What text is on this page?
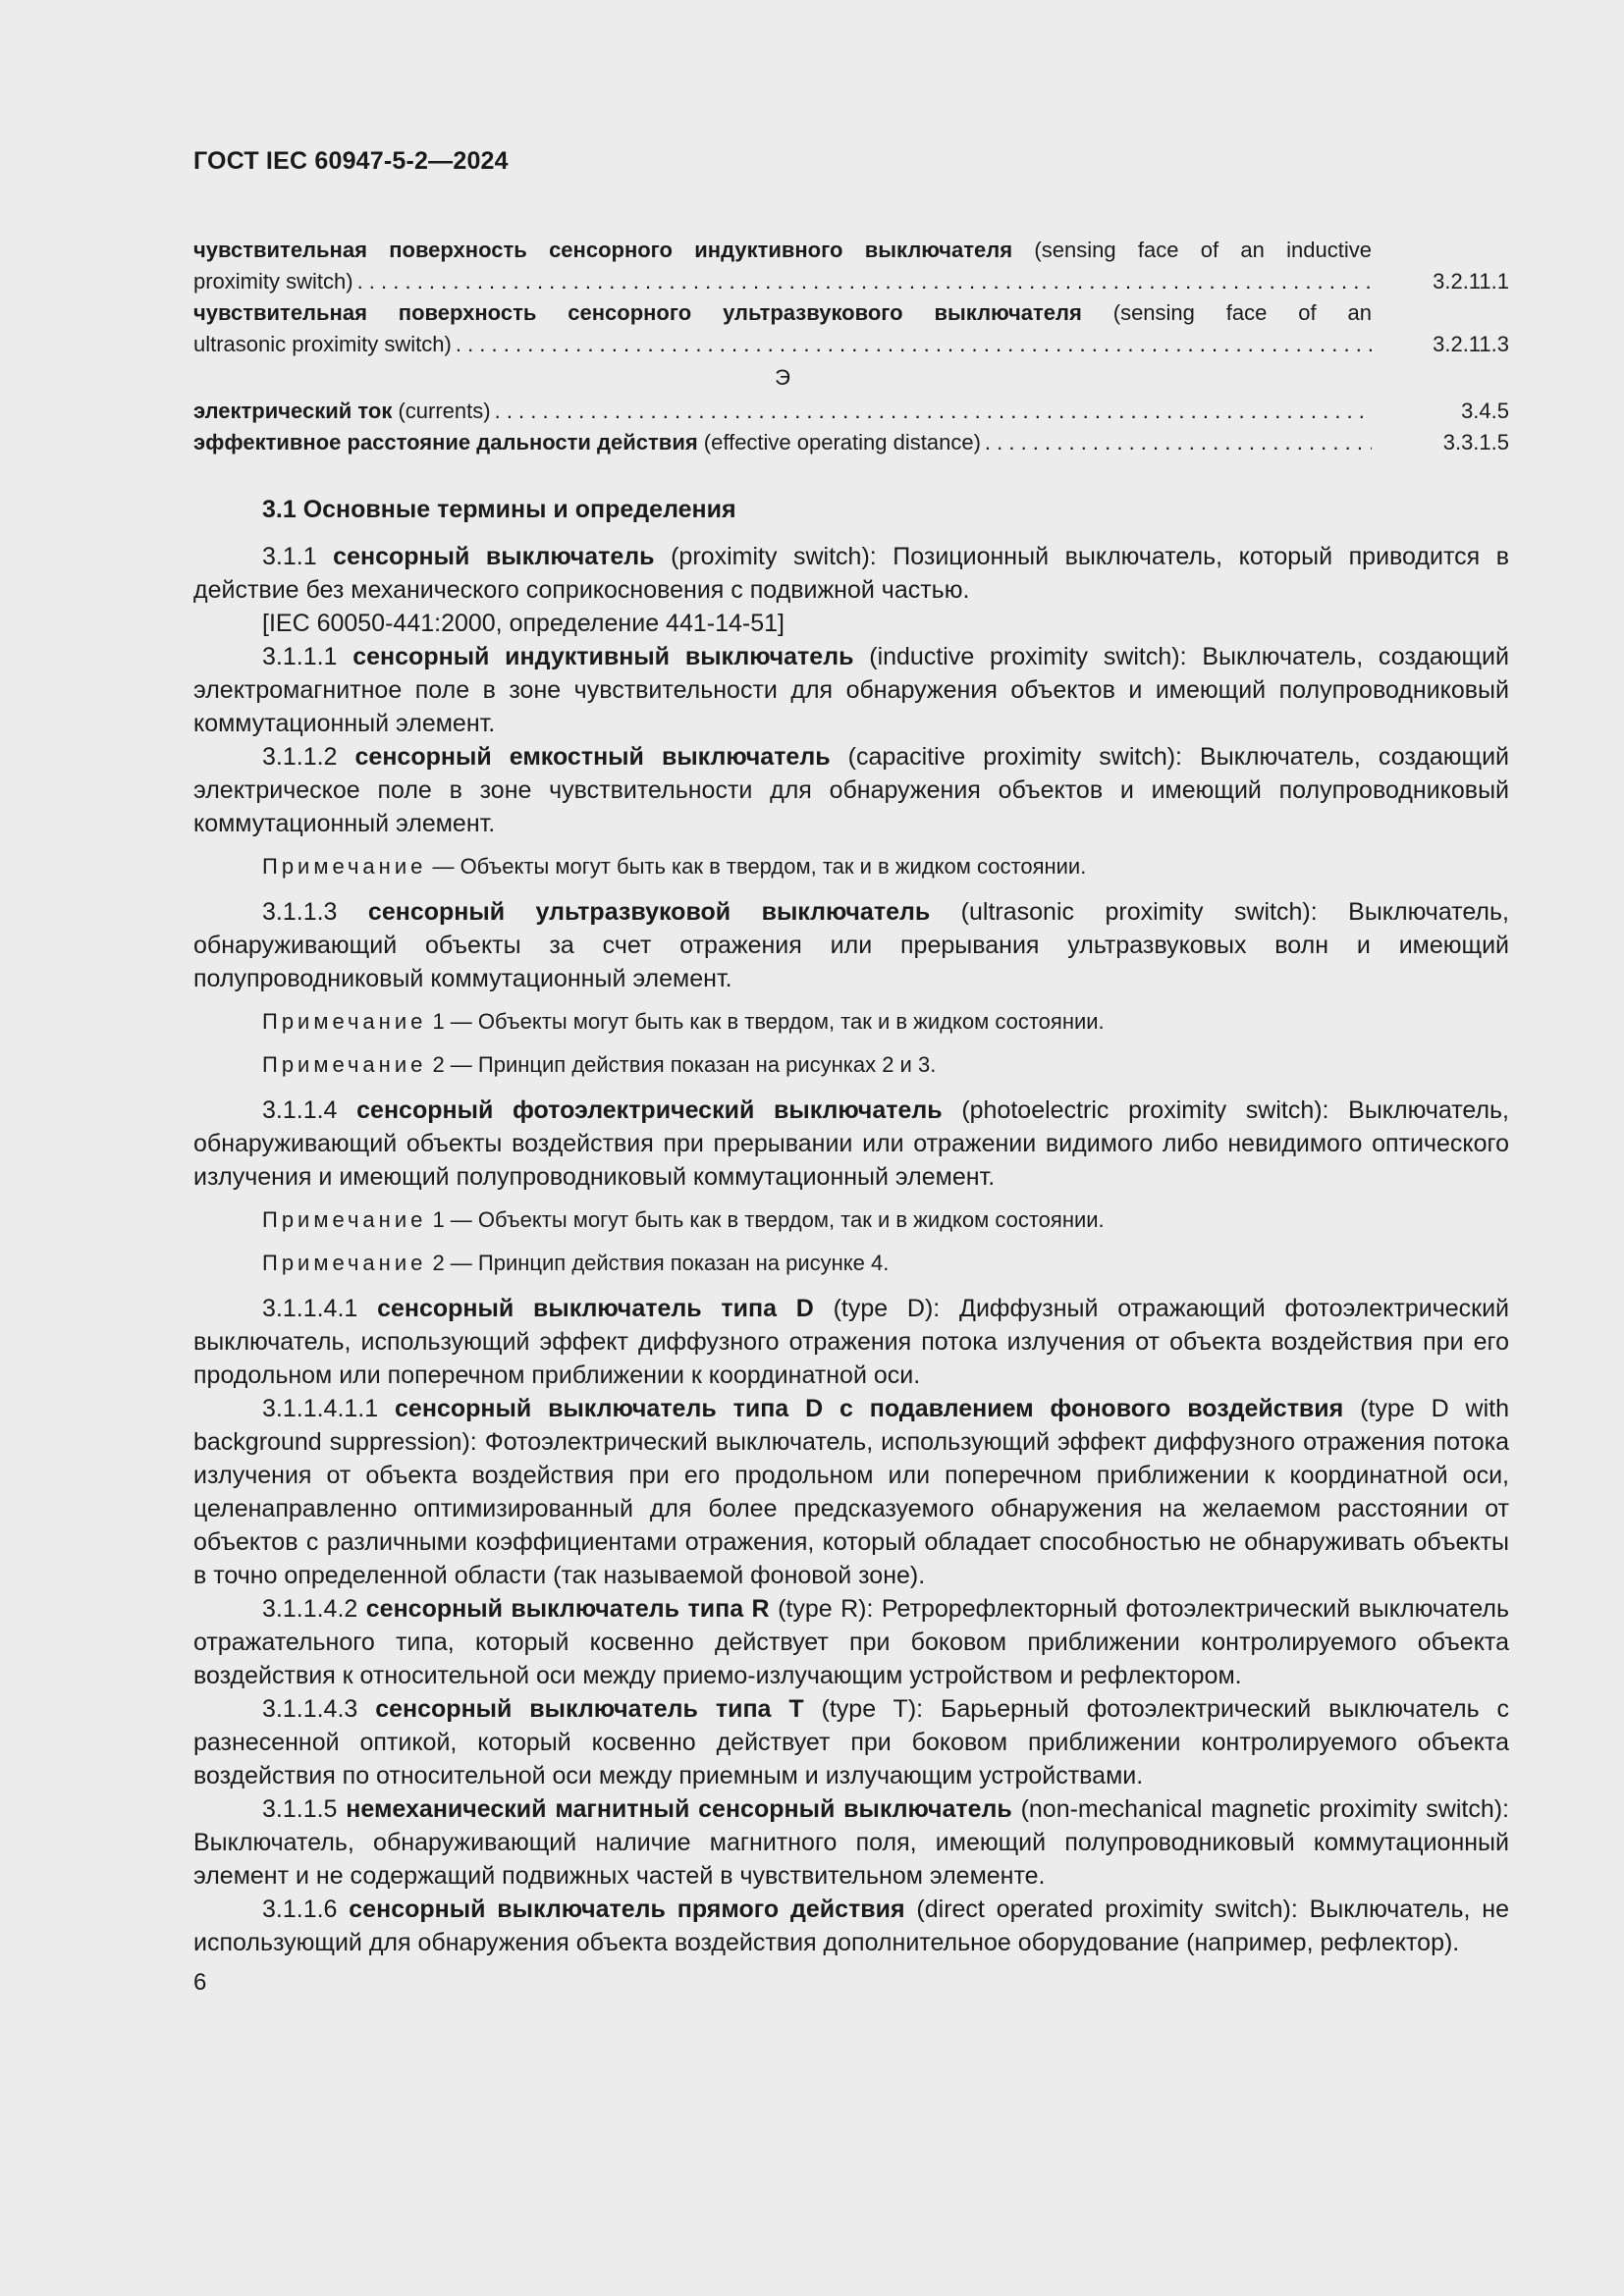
ГОСТ IEC 60947-5-2—2024
чувствительная поверхность сенсорного индуктивного выключателя (sensing face of an inductive
proximity switch) . . .	3.2.11.1
чувствительная поверхность сенсорного ультразвукового выключателя (sensing face of an
ultrasonic proximity switch) . . .	3.2.11.3
Э
электрический ток (currents) . . .	3.4.5
эффективное расстояние дальности действия (effective operating distance) . . .	3.3.1.5
3.1 Основные термины и определения

3.1.1 сенсорный выключатель (proximity switch): Позиционный выключатель, который приводится в действие без механического соприкосновения с подвижной частью.

[IEC 60050-441:2000, определение 441-14-51]

3.1.1.1 сенсорный индуктивный выключатель (inductive proximity switch): Выключатель, создающий электромагнитное поле в зоне чувствительности для обнаружения объектов и имеющий полупроводниковый коммутационный элемент.

3.1.1.2 сенсорный емкостный выключатель (capacitive proximity switch): Выключатель, создающий электрическое поле в зоне чувствительности для обнаружения объектов и имеющий полупроводниковый коммутационный элемент.

Примечание — Объекты могут быть как в твердом, так и в жидком состоянии.

3.1.1.3 сенсорный ультразвуковой выключатель (ultrasonic proximity switch): Выключатель, обнаруживающий объекты за счет отражения или прерывания ультразвуковых волн и имеющий полупроводниковый коммутационный элемент.

Примечание 1 — Объекты могут быть как в твердом, так и в жидком состоянии.
Примечание 2 — Принцип действия показан на рисунках 2 и 3.

3.1.1.4 сенсорный фотоэлектрический выключатель (photoelectric proximity switch): Выключатель, обнаруживающий объекты воздействия при прерывании или отражении видимого либо невидимого оптического излучения и имеющий полупроводниковый коммутационный элемент.

Примечание 1 — Объекты могут быть как в твердом, так и в жидком состоянии.
Примечание 2 — Принцип действия показан на рисунке 4.

3.1.1.4.1 сенсорный выключатель типа D (type D): Диффузный отражающий фотоэлектрический выключатель, использующий эффект диффузного отражения потока излучения от объекта воздействия при его продольном или поперечном приближении к координатной оси.

3.1.1.4.1.1 сенсорный выключатель типа D с подавлением фонового воздействия (type D with background suppression): Фотоэлектрический выключатель, использующий эффект диффузного отражения потока излучения от объекта воздействия при его продольном или поперечном приближении к координатной оси, целенаправленно оптимизированный для более предсказуемого обнаружения на желаемом расстоянии от объектов с различными коэффициентами отражения, который обладает способностью не обнаруживать объекты в точно определенной области (так называемой фоновой зоне).

3.1.1.4.2 сенсорный выключатель типа R (type R): Ретрорефлекторный фотоэлектрический выключатель отражательного типа, который косвенно действует при боковом приближении контролируемого объекта воздействия к относительной оси между приемо-излучающим устройством и рефлектором.

3.1.1.4.3 сенсорный выключатель типа T (type T): Барьерный фотоэлектрический выключатель с разнесенной оптикой, который косвенно действует при боковом приближении контролируемого объекта воздействия по относительной оси между приемным и излучающим устройствами.

3.1.1.5 немеханический магнитный сенсорный выключатель (non-mechanical magnetic proximity switch): Выключатель, обнаруживающий наличие магнитного поля, имеющий полупроводниковый коммутационный элемент и не содержащий подвижных частей в чувствительном элементе.

3.1.1.6 сенсорный выключатель прямого действия (direct operated proximity switch): Выключатель, не использующий для обнаружения объекта воздействия дополнительное оборудование (например, рефлектор).

6
